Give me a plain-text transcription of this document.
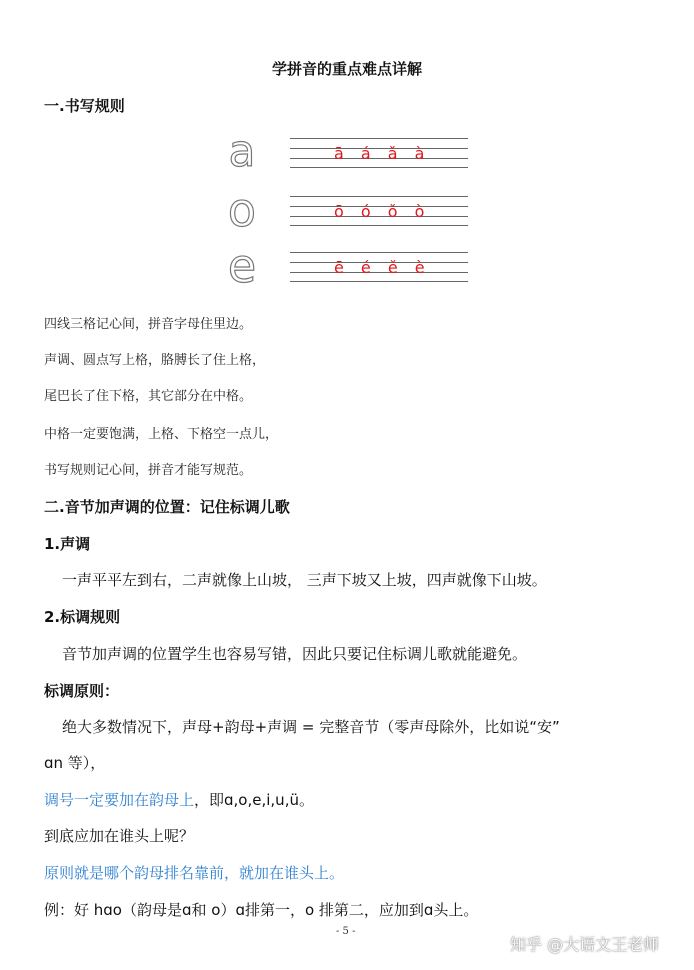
学拼音的重点难点详解
一.书写规则
a	ā á ǎ à
o	ō ó ǒ ò
e	ē é ě è
四线三格记心间，拼音字母住里边。
声调、圆点写上格，胳膊长了住上格，
尾巴长了住下格，其它部分在中格。
中格一定要饱满，上格、下格空一点儿，
书写规则记心间，拼音才能写规范。
二.音节加声调的位置：记住标调儿歌
1.声调
一声平平左到右，二声就像上山坡， 三声下坡又上坡，四声就像下山坡。
2.标调规则
音节加声调的位置学生也容易写错，因此只要记住标调儿歌就能避免。
标调原则：
绝大多数情况下，声母+韵母+声调 = 完整音节（零声母除外，比如说“安”
ɑn 等），
调号一定要加在韵母上，即ɑ,o,e,i,u,ü。
到底应加在谁头上呢？
原则就是哪个韵母排名靠前，就加在谁头上。
例：好 hɑo（韵母是ɑ和 o）ɑ排第一，o 排第二，应加到ɑ头上。
- 5 -
知乎 @大语文王老师
